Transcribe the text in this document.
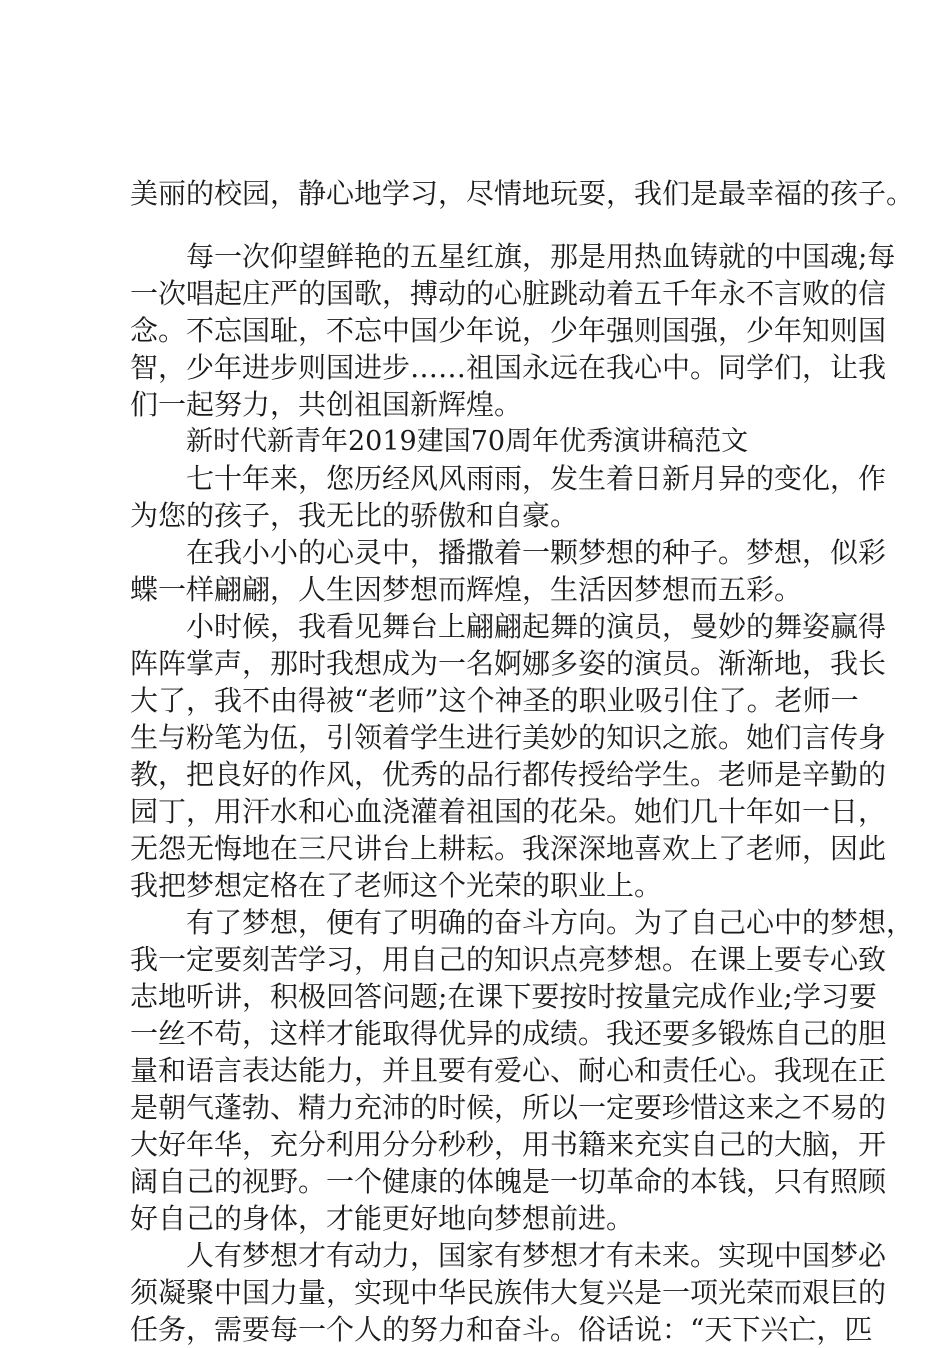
美丽的校园，静心地学习，尽情地玩耍，我们是最幸福的孩子。
每一次仰望鲜艳的五星红旗，那是用热血铸就的中国魂;每
一次唱起庄严的国歌，搏动的心脏跳动着五千年永不言败的信
念。不忘国耻，不忘中国少年说，少年强则国强，少年知则国
智，少年进步则国进步……祖国永远在我心中。同学们，让我
们一起努力，共创祖国新辉煌。
新时代新青年2019建国70周年优秀演讲稿范文
七十年来，您历经风风雨雨，发生着日新月异的变化，作
为您的孩子，我无比的骄傲和自豪。
在我小小的心灵中，播撒着一颗梦想的种子。梦想，似彩
蝶一样翩翩，人生因梦想而辉煌，生活因梦想而五彩。
小时候，我看见舞台上翩翩起舞的演员，曼妙的舞姿赢得
阵阵掌声，那时我想成为一名婀娜多姿的演员。渐渐地，我长
大了，我不由得被“老师”这个神圣的职业吸引住了。老师一
生与粉笔为伍，引领着学生进行美妙的知识之旅。她们言传身
教，把良好的作风，优秀的品行都传授给学生。老师是辛勤的
园丁，用汗水和心血浇灌着祖国的花朵。她们几十年如一日，
无怨无悔地在三尺讲台上耕耘。我深深地喜欢上了老师，因此
我把梦想定格在了老师这个光荣的职业上。
有了梦想，便有了明确的奋斗方向。为了自己心中的梦想，
我一定要刻苦学习，用自己的知识点亮梦想。在课上要专心致
志地听讲，积极回答问题;在课下要按时按量完成作业;学习要
一丝不苟，这样才能取得优异的成绩。我还要多锻炼自己的胆
量和语言表达能力，并且要有爱心、耐心和责任心。我现在正
是朝气蓬勃、精力充沛的时候，所以一定要珍惜这来之不易的
大好年华，充分利用分分秒秒，用书籍来充实自己的大脑，开
阔自己的视野。一个健康的体魄是一切革命的本钱，只有照顾
好自己的身体，才能更好地向梦想前进。
人有梦想才有动力，国家有梦想才有未来。实现中国梦必
须凝聚中国力量，实现中华民族伟大复兴是一项光荣而艰巨的
任务，需要每一个人的努力和奋斗。俗话说：“天下兴亡，匹
